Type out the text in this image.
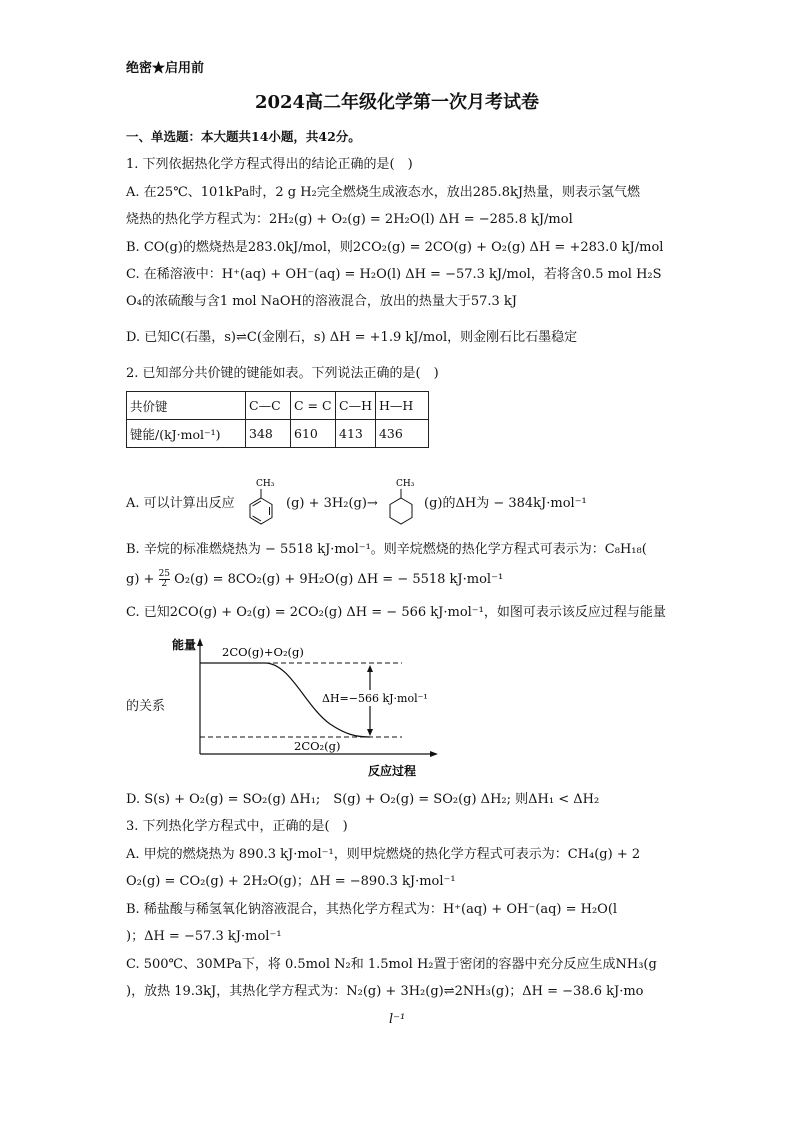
绝密★启用前
2024高二年级化学第一次月考试卷
一、单选题：本大题共14小题，共42分。
1. 下列依据热化学方程式得出的结论正确的是(　)
A. 在25℃、101kPa时，2 g H₂完全燃烧生成液态水，放出285.8kJ热量，则表示氢气燃
烧热的热化学方程式为：2H₂(g) + O₂(g) = 2H₂O(l) ΔH = −285.8 kJ/mol
B. CO(g)的燃烧热是283.0kJ/mol，则2CO₂(g) = 2CO(g) + O₂(g) ΔH = +283.0 kJ/mol
C. 在稀溶液中：H⁺(aq) + OH⁻(aq) = H₂O(l) ΔH = −57.3 kJ/mol，若将含0.5 mol H₂S
O₄的浓硫酸与含1 mol NaOH的溶液混合，放出的热量大于57.3 kJ
D. 已知C(石墨，s)⇌C(金刚石，s) ΔH = +1.9 kJ/mol，则金刚石比石墨稳定
2. 已知部分共价键的键能如表。下列说法正确的是(　)
共价键	C—C	C = C	C—H	H—H
键能/(kJ·mol⁻¹)	348	610	413	436
A. 可以计算出反应
CH₃
(g) + 3H₂(g)→
CH₃
(g)的ΔH为 − 384kJ·mol⁻¹
B. 辛烷的标准燃烧热为 − 5518 kJ·mol⁻¹。则辛烷燃烧的热化学方程式可表示为：C₈H₁₈(
$g) + \frac{25}{2} O_2(g) = 8CO_2(g) + 9H_2O(g) \Delta H$ = − 5518 kJ·mol⁻¹
C. 已知2CO(g) + O₂(g) = 2CO₂(g) ΔH = − 566 kJ·mol⁻¹，如图可表示该反应过程与能量
的关系
能量 2CO(g)+O₂(g)
ΔH=−566 kJ·mol⁻¹
2CO₂(g)
反应过程
D. S(s) + O₂(g) = SO₂(g) ΔH₁;　S(g) + O₂(g) = SO₂(g) ΔH₂; 则ΔH₁ < ΔH₂
3. 下列热化学方程式中，正确的是(　)
A. 甲烷的燃烧热为 890.3 kJ·mol⁻¹，则甲烷燃烧的热化学方程式可表示为：CH₄(g) + 2
O₂(g) = CO₂(g) + 2H₂O(g)；ΔH = −890.3 kJ·mol⁻¹
B. 稀盐酸与稀氢氧化钠溶液混合，其热化学方程式为：H⁺(aq) + OH⁻(aq) = H₂O(l
)；ΔH = −57.3 kJ·mol⁻¹
C. 500℃、30MPa下，将 0.5mol N₂和 1.5mol H₂置于密闭的容器中充分反应生成NH₃(g
)，放热 19.3kJ，其热化学方程式为：N₂(g) + 3H₂(g)⇌2NH₃(g)；ΔH = −38.6 kJ·mo
l⁻¹
